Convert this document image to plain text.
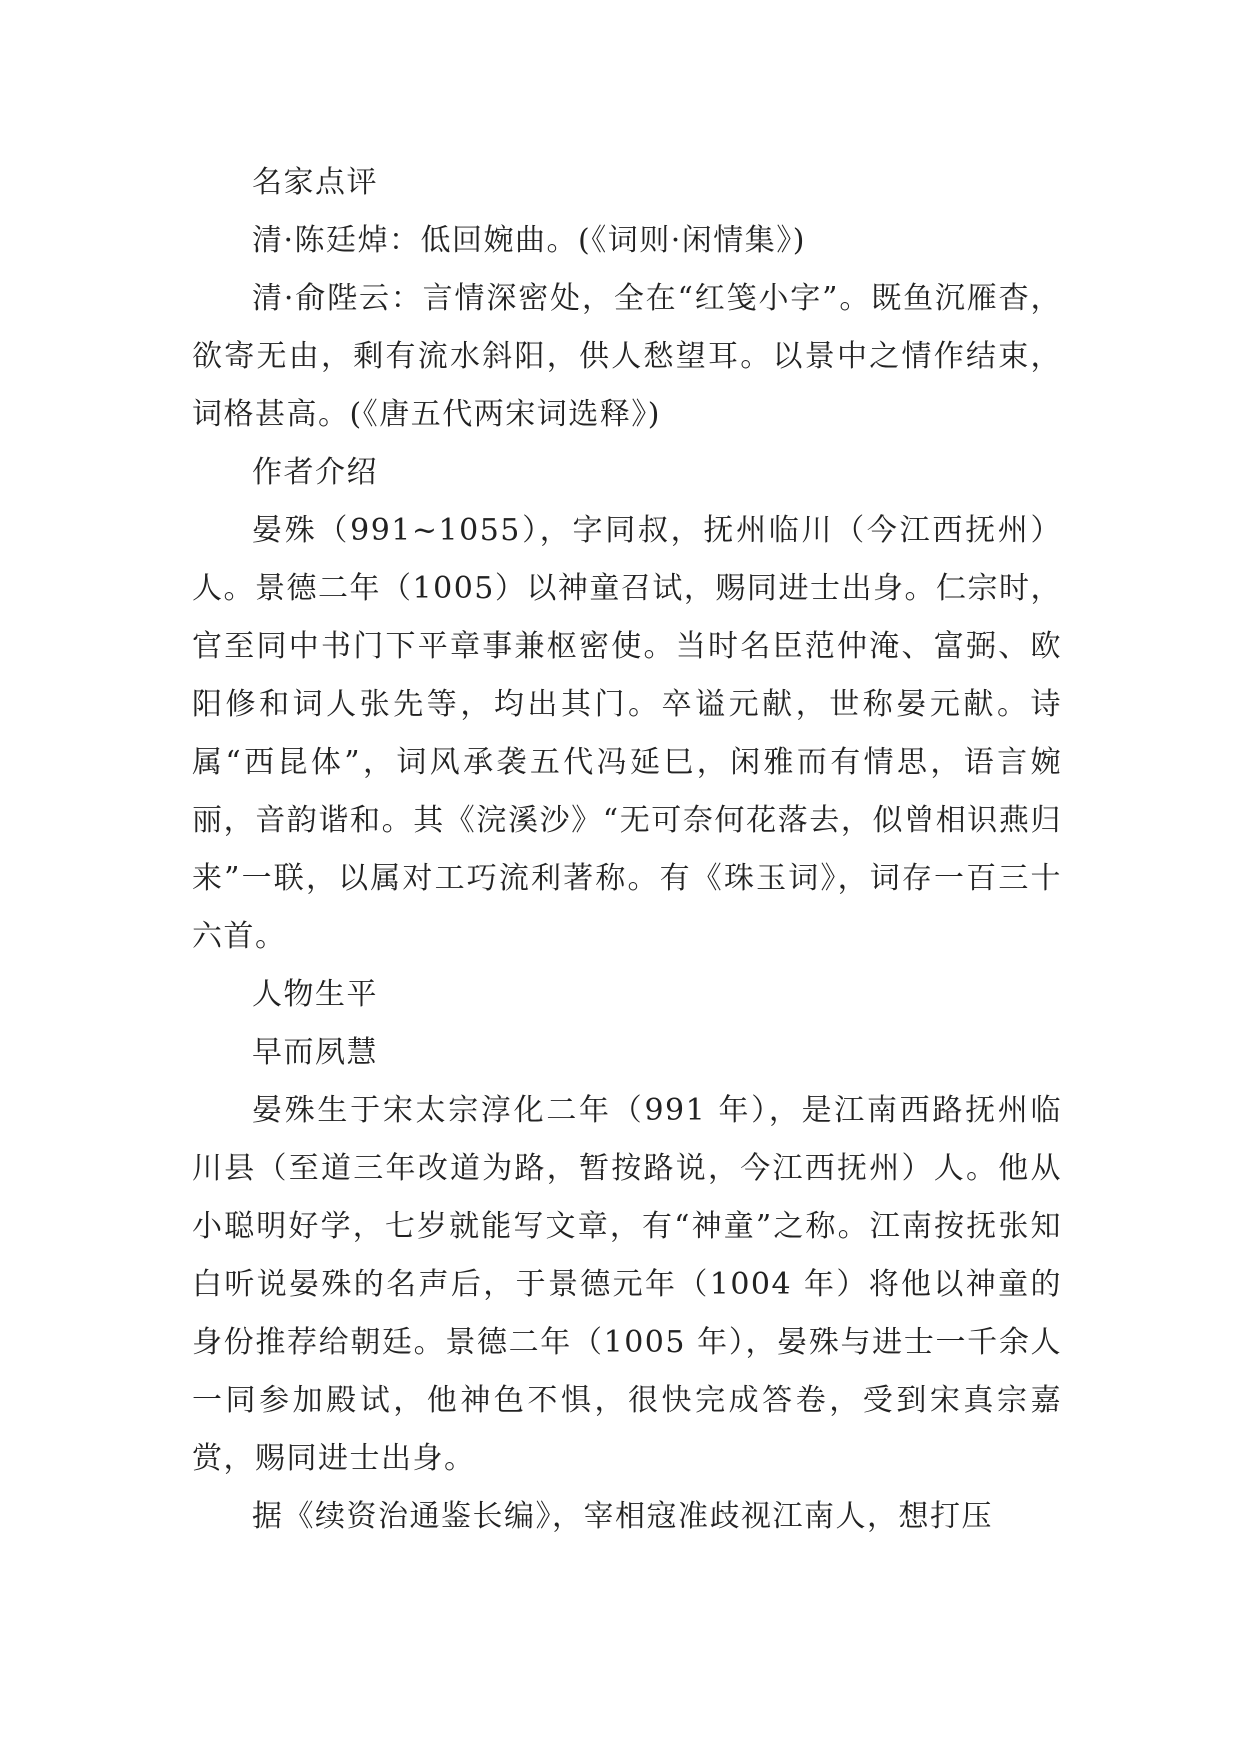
名家点评

清·陈廷焯：低回婉曲。(《词则·闲情集》)

清·俞陛云：言情深密处，全在“红笺小字”。既鱼沉雁杳，欲寄无由，剩有流水斜阳，供人愁望耳。以景中之情作结束，词格甚高。(《唐五代两宋词选释》)

作者介绍

晏殊（991~1055），字同叔，抚州临川（今江西抚州）人。景德二年（1005）以神童召试，赐同进士出身。仁宗时，官至同中书门下平章事兼枢密使。当时名臣范仲淹、富弼、欧阳修和词人张先等，均出其门。卒谥元献，世称晏元献。诗属“西昆体”，词风承袭五代冯延巳，闲雅而有情思，语言婉丽，音韵谐和。其《浣溪沙》“无可奈何花落去，似曾相识燕归来”一联，以属对工巧流利著称。有《珠玉词》，词存一百三十六首。

人物生平

早而夙慧

晏殊生于宋太宗淳化二年（991 年），是江南西路抚州临川县（至道三年改道为路，暂按路说，今江西抚州）人。他从小聪明好学，七岁就能写文章，有“神童”之称。江南按抚张知白听说晏殊的名声后，于景德元年（1004 年）将他以神童的身份推荐给朝廷。景德二年（1005 年），晏殊与进士一千余人一同参加殿试，他神色不惧，很快完成答卷，受到宋真宗嘉赏，赐同进士出身。

据《续资治通鉴长编》，宰相寇准歧视江南人，想打压
